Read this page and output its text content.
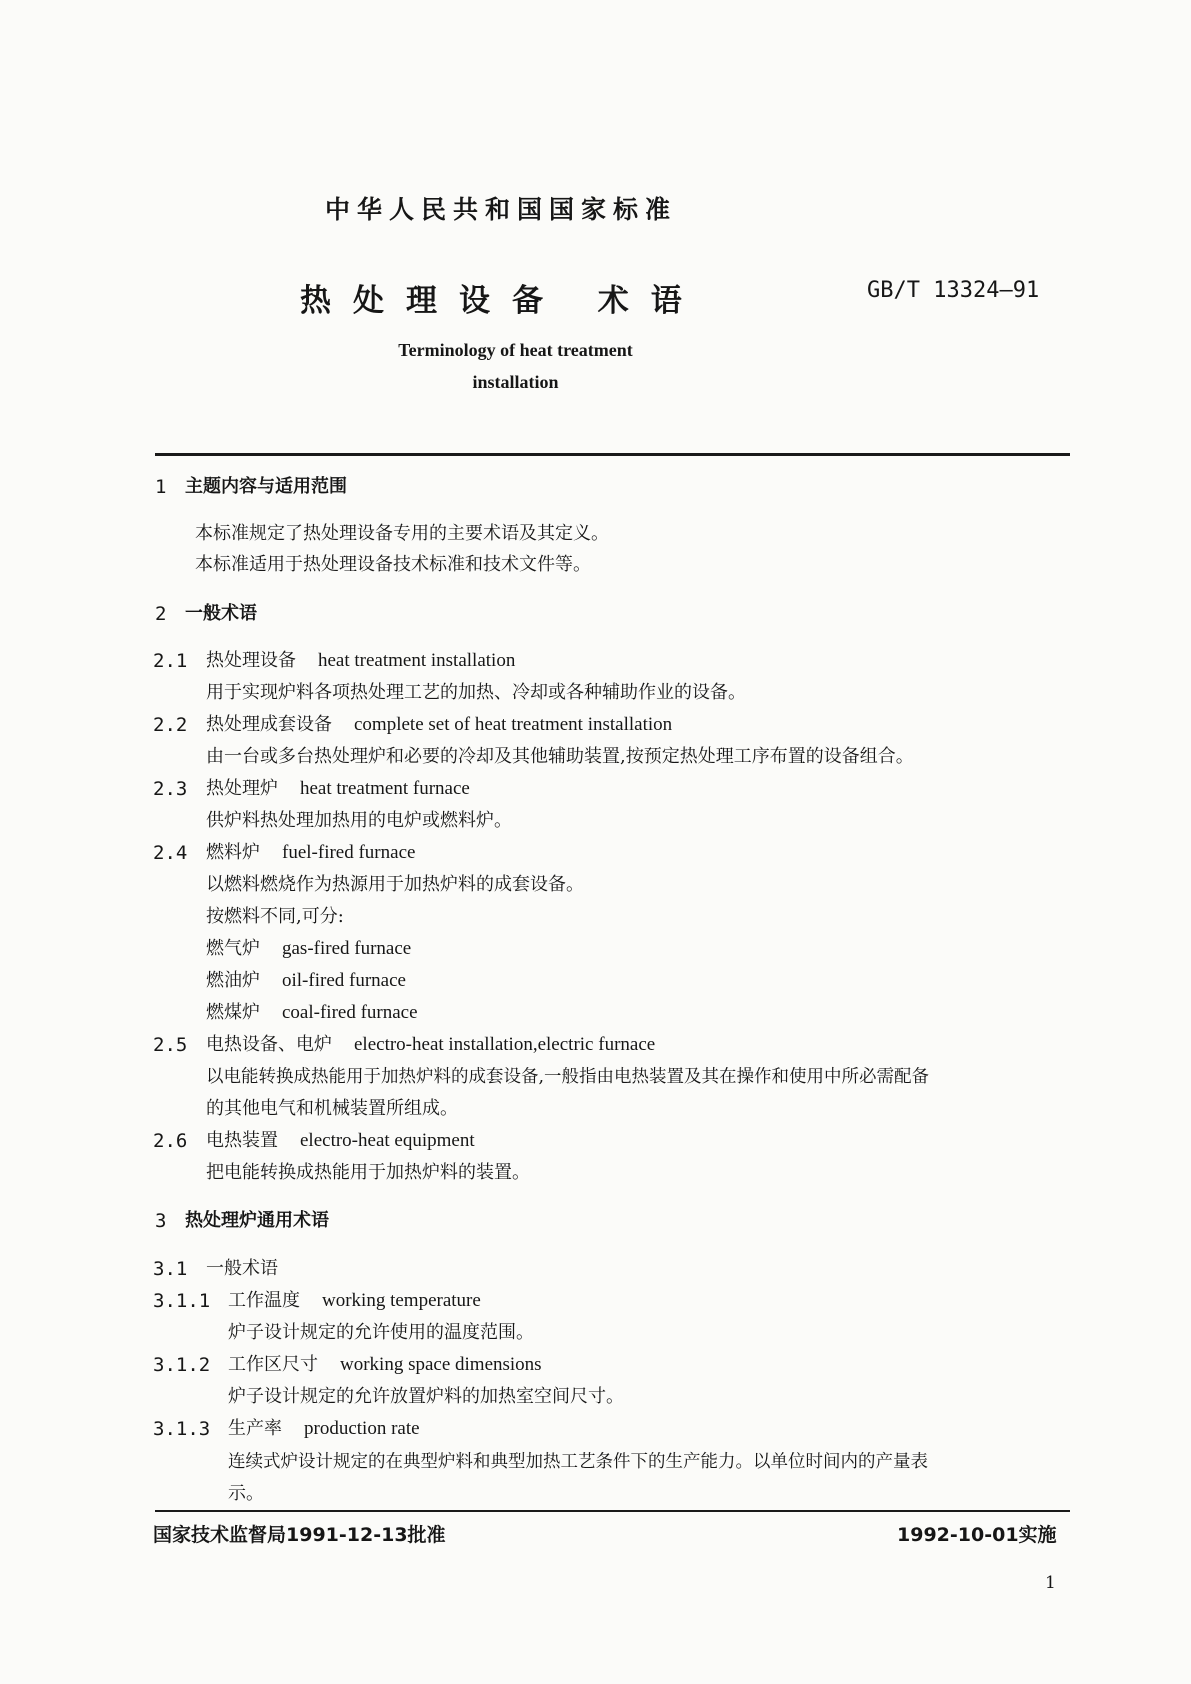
中华人民共和国国家标准
热处理设备 术语	GB/T 13324—91
Terminology of heat treatment
installation
1 主题内容与适用范围
本标准规定了热处理设备专用的主要术语及其定义。
本标准适用于热处理设备技术标准和技术文件等。
2 一般术语
2.1 热处理设备 heat treatment installation
用于实现炉料各项热处理工艺的加热、冷却或各种辅助作业的设备。
2.2 热处理成套设备 complete set of heat treatment installation
由一台或多台热处理炉和必要的冷却及其他辅助装置,按预定热处理工序布置的设备组合。
2.3 热处理炉 heat treatment furnace
供炉料热处理加热用的电炉或燃料炉。
2.4 燃料炉 fuel-fired furnace
以燃料燃烧作为热源用于加热炉料的成套设备。
按燃料不同,可分:
燃气炉 gas-fired furnace
燃油炉 oil-fired furnace
燃煤炉 coal-fired furnace
2.5 电热设备、电炉 electro-heat installation,electric furnace
以电能转换成热能用于加热炉料的成套设备,一般指由电热装置及其在操作和使用中所必需配备
的其他电气和机械装置所组成。
2.6 电热装置 electro-heat equipment
把电能转换成热能用于加热炉料的装置。
3 热处理炉通用术语
3.1 一般术语
3.1.1 工作温度 working temperature
炉子设计规定的允许使用的温度范围。
3.1.2 工作区尺寸 working space dimensions
炉子设计规定的允许放置炉料的加热室空间尺寸。
3.1.3 生产率 production rate
连续式炉设计规定的在典型炉料和典型加热工艺条件下的生产能力。以单位时间内的产量表
示。
国家技术监督局1991-12-13批准	1992-10-01实施
1
